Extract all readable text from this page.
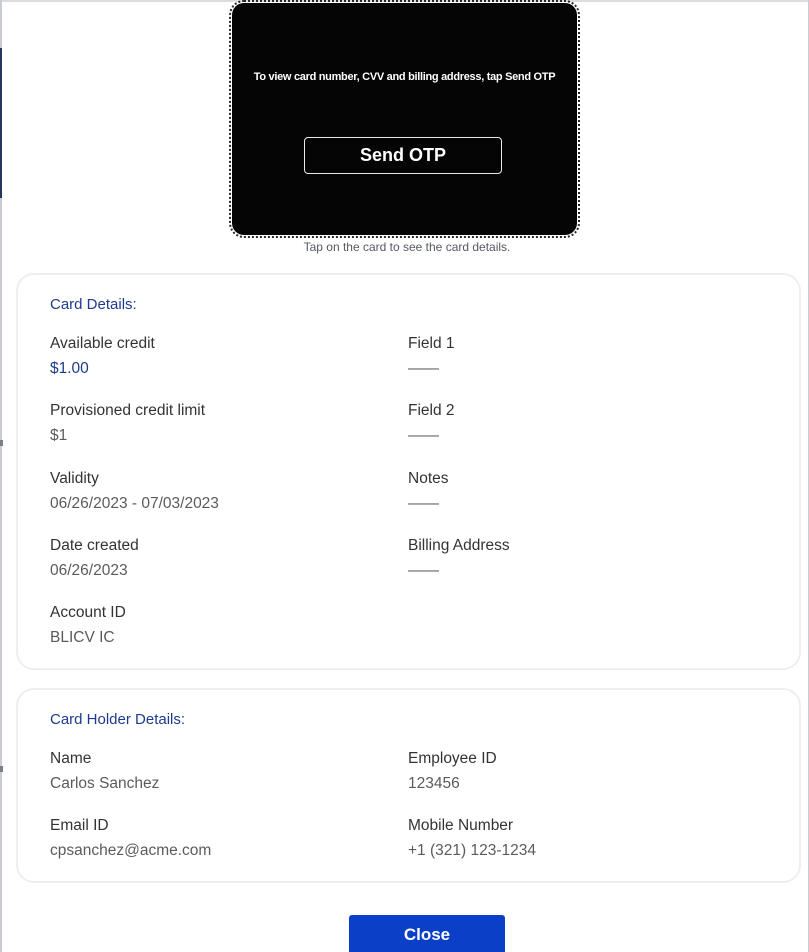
To view card number, CVV and billing address, tap Send OTP
Send OTP
Tap on the card to see the card details.
Card Details:
Available credit
$1.00
Provisioned credit limit
$1
Validity
06/26/2023 - 07/03/2023
Date created
06/26/2023
Account ID
BLICV IC
Field 1
——
Field 2
——
Notes
——
Billing Address
——
Card Holder Details:
Name
Carlos Sanchez
Email ID
cpsanchez@acme.com
Employee ID
123456
Mobile Number
+1 (321) 123-1234
Close
